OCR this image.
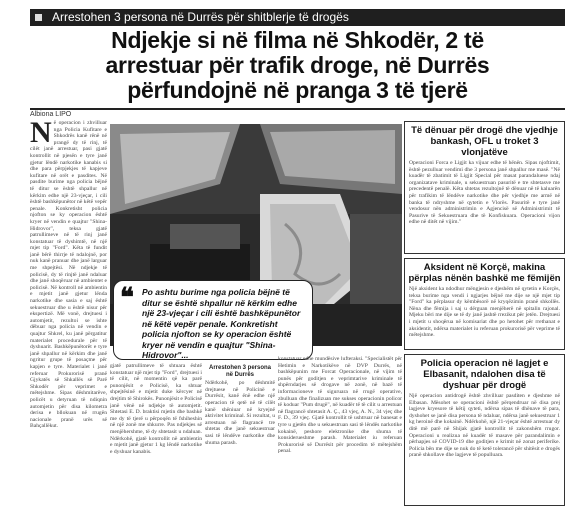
Arrestohen 3 persona në Durrës për shitblerje të drogës
Ndjekje si në filma në Shkodër, 2 të
arrestuar për trafik droge, në Durrës
përfundojnë në pranga 3 të tjerë
Albiona LIPO
N ë operacion i zhvilluar nga Policia Kufitare e Shkodrës kanë rënë në prangë dy të rinj, të cilët janë arrestuar, pasi gjatë kontrollit në pjesën e tyre janë gjetur lëndë narkotike kanabis si dhe para përpjekjes të kapjeve kufitare në orët e pasdites. Në pasdite burime nga policia bëjnë të ditur se është shpallur në kërkim edhe një 23-vjeçar, i cili është bashkëpunëtor në këtë vepër penale. Konkretisht policia njofton se ky operacion është kryer në vendin e quajtur "Shina-Hidrovor", teksa gjatë patrullimeve në të rinj janë konstatuar të dyshimtë, në një mjet tip "Ford". Këta të fundit janë bërë thirrje të ndalojnë, por nuk kanë pranuar dhe janë larguar me shpejtësi. Në ndjekje të policisë, dy të rinjtë janë ndaluar dhe janë shoqëruar në ambientet e policisë. Në kontroll në ambientin e mjetit janë gjetur lënda narkotike dhe sasia e saj është sekuestruar dhe u është nisur për ekspertizë. Më vonë, drejtuesi i automjetit, rezultoi se ishte dëbuar nga policia në vendin e quajtur Shkrel, ku janë përgatitur materialet procedurale për të dyshuarit. Bashkëpunëtorët e tyre janë shpallur në kërkim dhe janë ngritur grupe të posaçme për kapjen e tyre. Materialet i janë referuar Prokurorisë pranë Gjykatës së Shkallës së Parë Shkodër për veprimet e mëtejshme. Sipas dëshmitarëve, policët u detyruan të ndiqnin automjetin për disa kilometra derisa e bllokuan në rrugën nacionale pranë urës së Bahçallëkut.
❝ Po ashtu burime nga policia bëjnë të ditur se është shpallur në kërkim edhe një 23-vjeçar i cili është bashkëpunëtor në këtë vepër penale. Konkretisht policia njofton se ky operacion është kryer në vendin e quajtur "Shina-Hidrovor"...
gjatë patrullimeve të shtuara është konstatuar një mjet tip "Ford", drejtuesi i të cilit, në momentin që ka parë punonjësit e Policisë, ka shtuar shpejtësinë e mjetit duke kërcyer në drejtim të Shirokës. Punonjësit e Policisë janë vënë në ndjekje të automjetit. Shtetasi E. D. braktisi mjetin dhe bashkë me dy të tjerë u përpoqën të fshiheshin në një zonë me shkurre. Pas ndjekjes së menjëhershme, të dy shtetasit u ndaluan. Ndërkohë, gjatë kontrollit në ambientin e mjetit janë gjetur 1 kg lëndë narkotike e dyshuar kanabis.
Arrestohen 3 persona në Durrës
Ndërkohë, po dëshmitë drejtuese në Policinë e Durrësit, kanë ënë edhe një operacion të qetë në të cilët kanë shëniuar në kryejnë aktivitet kriminal. Si rezultat, u arrestuan në flagrancë tre shtetas dhe janë sekuestruar sasi të lëndëve narkotike dhe shuma parash.
konstatuar edhe mundësive lufteraksi. "Specialistët për Hetimin e Narkotikëve në DVP Durrës, në bashkëpunim me Forcat Operacionale, në vijim të punës për goditjen e veprimtarive kriminale të shpërndarjes së drogave në zonë, në bazë të informacioneve të siguruara në rrugë operative, zbulluan dhe finalizuan me sukses operacionin policor të koduar "Pum drugë", në kuadër të të cilit u arrestuan në flagrancë shtetasit A. Ç., 43 vjeç, A. N., 34 vjeç dhe F. D., 39 vjeç. Gjatë kontrollit të ushtruar në banesat e tyre u gjetën dhe u sekuestruan sasi të lëndës narkotike kokainë, peshore elektronike dhe shuma të konsiderueshme parash. Materialet iu referuan Prokurorisë së Durrësit për procedim të mëtejshëm penal.
Të dënuar për drogë dhe vjedhje bankash, OFL u troket 3 vlonjatëve
Operacioni Forca e Ligjit ka vijuar edhe të hënën. Sipas njoftimit, është pezulluar vendimi dhe 3 persona janë shpallur me masë. "Në kuadër të zbatimit të Ligjit Special për masat parandaluese ndaj organizatave kriminale, u sekuestruan pasuritë e tre shtetasve me precedentë penalë. Këta shtetas rezultojnë të dënuar në të kaluarën për trafikim të lëndëve narkotike dhe për vjedhje me armë në banka të ndryshme në qytetin e Vlorës. Pasuritë e tyre janë vendosur nën administrimin e Agjencisë së Administrimit të Pasurive të Sekuestruara dhe të Konfiskuara. Operacioni vijon edhe në ditët në vijim."
Aksident në Korçë, makina përplas nënën bashkë me fëmijën
Një aksident ka ndodhur mëngjesin e djeshëm në qytetin e Korçës, teksa burime nga vendi i ngjarjes bëjnë me dije se një mjet tip "Ford" ka përplasur dy këmbësorë në kryqëzimin pranë shkollës. Nëna dhe fëmija i saj u dërguan menjëherë në spitalin rajonal. Mjeku bëri me dije se të dy janë jashtë rrezikut për jetën. Drejtuesi i mjetit u shoqërua në komisariat dhe po hetohet për rrethanat e aksidentit, ndërsa materialet iu referuan prokurorisë për veprime të mëtejshme.
Policia operacion në lagjet e Elbasanit, ndalohen disa të dyshuar për drogë
Një operacion antidrogë është zhvilluar pasditen e djeshme në Elbasan. Mësohet se operacioni është përqendruar në disa prej lagjeve kryesore të këtij qyteti, ndërsa sipas të dhënave të para, dyshohet se janë disa persona të ndaluar, ndërsa janë sekuestruar 1 kg heroinë dhe kokainë. Ndërkohë, një 21-vjeçar është arrestuar dy ditë më parë në Shijak gjatë kontrollit të zakonshëm rrugor. Operacioni u realizua në kuadër të masave për parandalimin e përhapjes së COVID-19 dhe goditjen e krimit në zonat periferike. Policia bën me dije se nuk do të ketë tolerancë për shitësit e drogës pranë shkollave dhe lagjeve të populluara.
